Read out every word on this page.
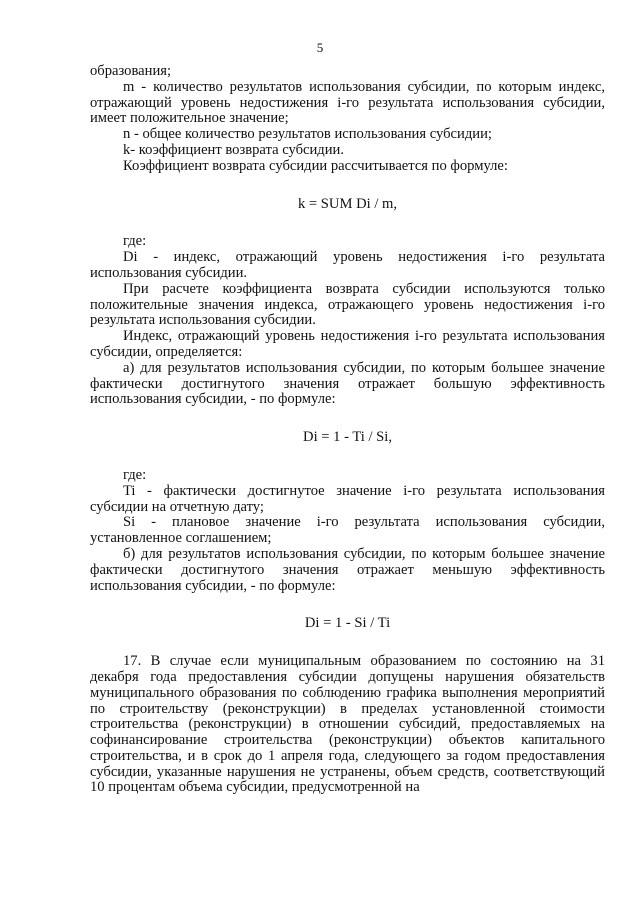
5

образования;

m - количество результатов использования субсидии, по которым индекс, отражающий уровень недостижения i-го результата использования субсидии, имеет положительное значение;

n - общее количество результатов использования субсидии;

k- коэффициент возврата субсидии.

Коэффициент возврата субсидии рассчитывается по формуле:

k = SUM Di / m,

где:

Di - индекс, отражающий уровень недостижения i-го результата использования субсидии.

При расчете коэффициента возврата субсидии используются только положительные значения индекса, отражающего уровень недостижения i-го результата использования субсидии.

Индекс, отражающий уровень недостижения i-го результата использования субсидии, определяется:

а) для результатов использования субсидии, по которым большее значение фактически достигнутого значения отражает большую эффективность использования субсидии, - по формуле:

Di = 1 - Ti / Si,

где:

Ti - фактически достигнутое значение i-го результата использования субсидии на отчетную дату;

Si - плановое значение i-го результата использования субсидии, установленное соглашением;

б) для результатов использования субсидии, по которым большее значение фактически достигнутого значения отражает меньшую эффективность использования субсидии, - по формуле:

Di = 1 - Si / Ti

17. В случае если муниципальным образованием по состоянию на 31 декабря года предоставления субсидии допущены нарушения обязательств муниципального образования по соблюдению графика выполнения мероприятий по строительству (реконструкции) в пределах установленной стоимости строительства (реконструкции) в отношении субсидий, предоставляемых на софинансирование строительства (реконструкции) объектов капитального строительства, и в срок до 1 апреля года, следующего за годом предоставления субсидии, указанные нарушения не устранены, объем средств, соответствующий 10 процентам объема субсидии, предусмотренной на
